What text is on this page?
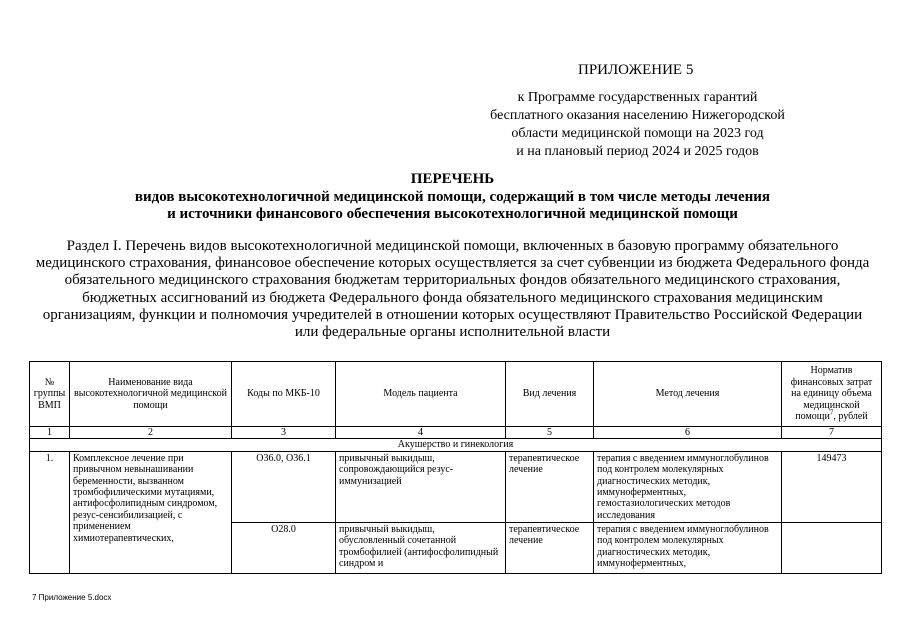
ПРИЛОЖЕНИЕ 5
к Программе государственных гарантий
бесплатного оказания населению Нижегородской
области медицинской помощи на 2023 год
и на плановый период 2024 и 2025 годов
ПЕРЕЧЕНЬ
видов высокотехнологичной медицинской помощи, содержащий в том числе методы лечения
и источники финансового обеспечения высокотехнологичной медицинской помощи
Раздел I. Перечень видов высокотехнологичной медицинской помощи, включенных в базовую программу обязательного
медицинского страхования, финансовое обеспечение которых осуществляется за счет субвенции из бюджета Федерального фонда
обязательного медицинского страхования бюджетам территориальных фондов обязательного медицинского страхования,
бюджетных ассигнований из бюджета Федерального фонда обязательного медицинского страхования медицинским
организациям, функции и полномочия учредителей в отношении которых осуществляют Правительство Российской Федерации
или федеральные органы исполнительной власти
№ группы ВМП	Наименование вида высокотехнологичной медицинской помощи	Коды по МКБ-10	Модель пациента	Вид лечения	Метод лечения	Норматив финансовых затрат на единицу объема медицинской помощи$^7$, рублей
1	2	3	4	5	6	7
Акушерство и гинекология						

1.	Комплексное лечение при привычном невынашивании беременности, вызванном тромбофилическими мутациями, антифосфолипидным синдромом, резус-сенсибилизацией, с применением химиотерапевтических,	O36.0, O36.1	привычный выкидыш, сопровождающийся резус-иммунизацией	терапевтическое лечение	терапия с введением иммуноглобулинов под контролем молекулярных диагностических методик, иммуноферментных, гемостазиологических методов исследования	149473
		O28.0	привычный выкидыш, обусловленный сочетанной тромбофилией (антифосфолипидный синдром и	терапевтическое лечение	терапия с введением иммуноглобулинов под контролем молекулярных диагностических методик, иммуноферментных,	

7 Приложение 5.docx
